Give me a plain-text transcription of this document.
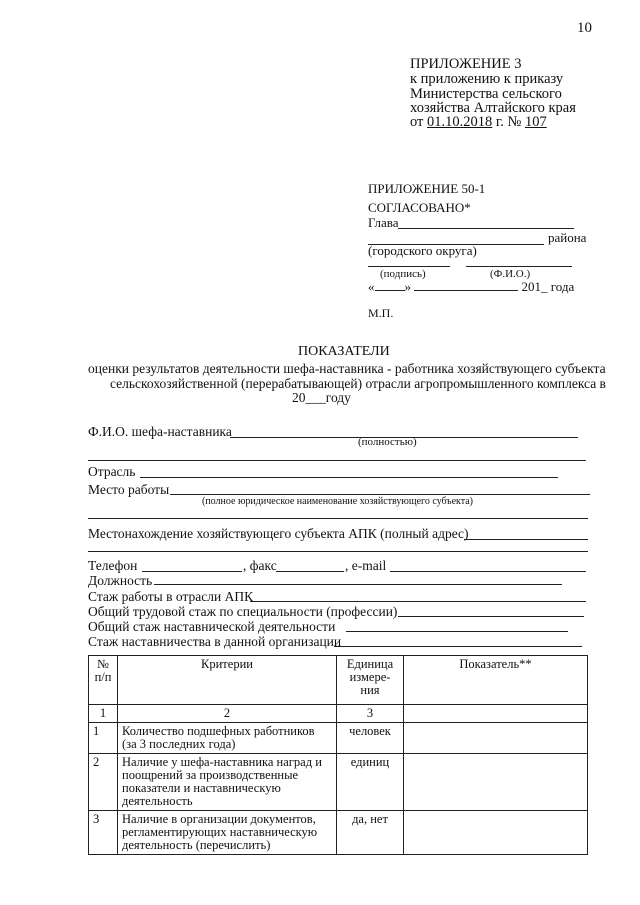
10
ПРИЛОЖЕНИЕ 3
к приложению к приказу
Министерства сельского
хозяйства Алтайского края
от 01.10.2018 г. № 107
ПРИЛОЖЕНИЕ 50-1
СОГЛАСОВАНО*
Глава
района
(городского округа)
(подпись)	(Ф.И.О.)
« »	201_ года
М.П.
ПОКАЗАТЕЛИ
оценки результатов деятельности шефа-наставника - работника хозяйствующего субъекта
сельскохозяйственной (перерабатывающей) отрасли агропромышленного комплекса в
20___году
Ф.И.О. шефа-наставника
(полностью)
Отрасль
Место работы
(полное юридическое наименование хозяйствующего субъекта)
Местонахождение хозяйствующего субъекта АПК (полный адрес)
Телефон	, факс	, e-mail
Должность
Стаж работы в отрасли АПК
Общий трудовой стаж по специальности (профессии)
Общий стаж наставнической деятельности
Стаж наставничества в данной организации
№ п/п	Критерии	Единица измере-ния	Показатель**
1	2	3	
1	Количество подшефных работников (за 3 последних года)	человек	
2	Наличие у шефа-наставника наград и поощрений за производственные показатели и наставническую деятельность	единиц	
3	Наличие в организации документов, регламентирующих наставническую деятельность (перечислить)	да, нет	
